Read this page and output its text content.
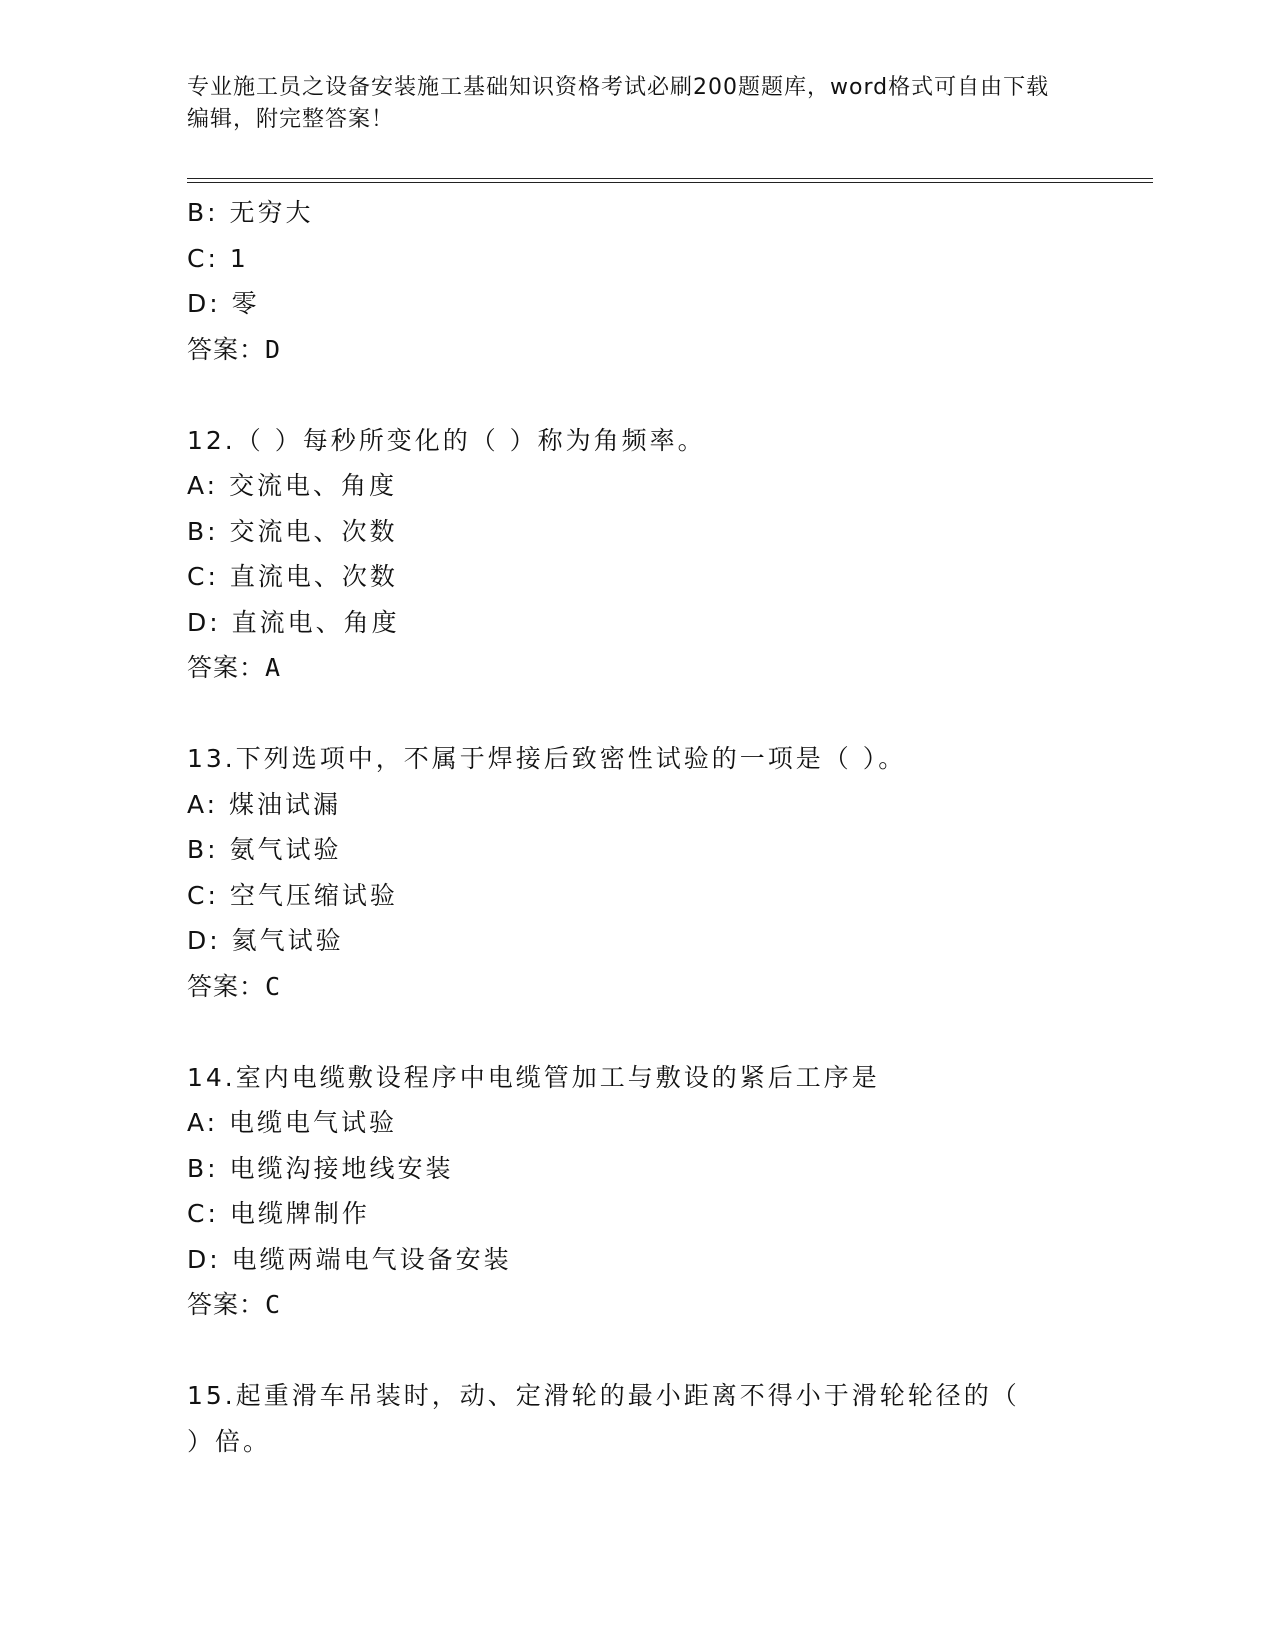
专业施工员之设备安装施工基础知识资格考试必刷200题题库，word格式可自由下载编辑，附完整答案！
B: 无穷大
C: 1
D: 零
答案：D
12.（ ）每秒所变化的（ ）称为角频率。
A: 交流电、角度
B: 交流电、次数
C: 直流电、次数
D: 直流电、角度
答案：A
13.下列选项中，不属于焊接后致密性试验的一项是（ ）。
A: 煤油试漏
B: 氨气试验
C: 空气压缩试验
D: 氦气试验
答案：C
14.室内电缆敷设程序中电缆管加工与敷设的紧后工序是
A: 电缆电气试验
B: 电缆沟接地线安装
C: 电缆牌制作
D: 电缆两端电气设备安装
答案：C
15.起重滑车吊装时，动、定滑轮的最小距离不得小于滑轮轮径的（
）倍。
